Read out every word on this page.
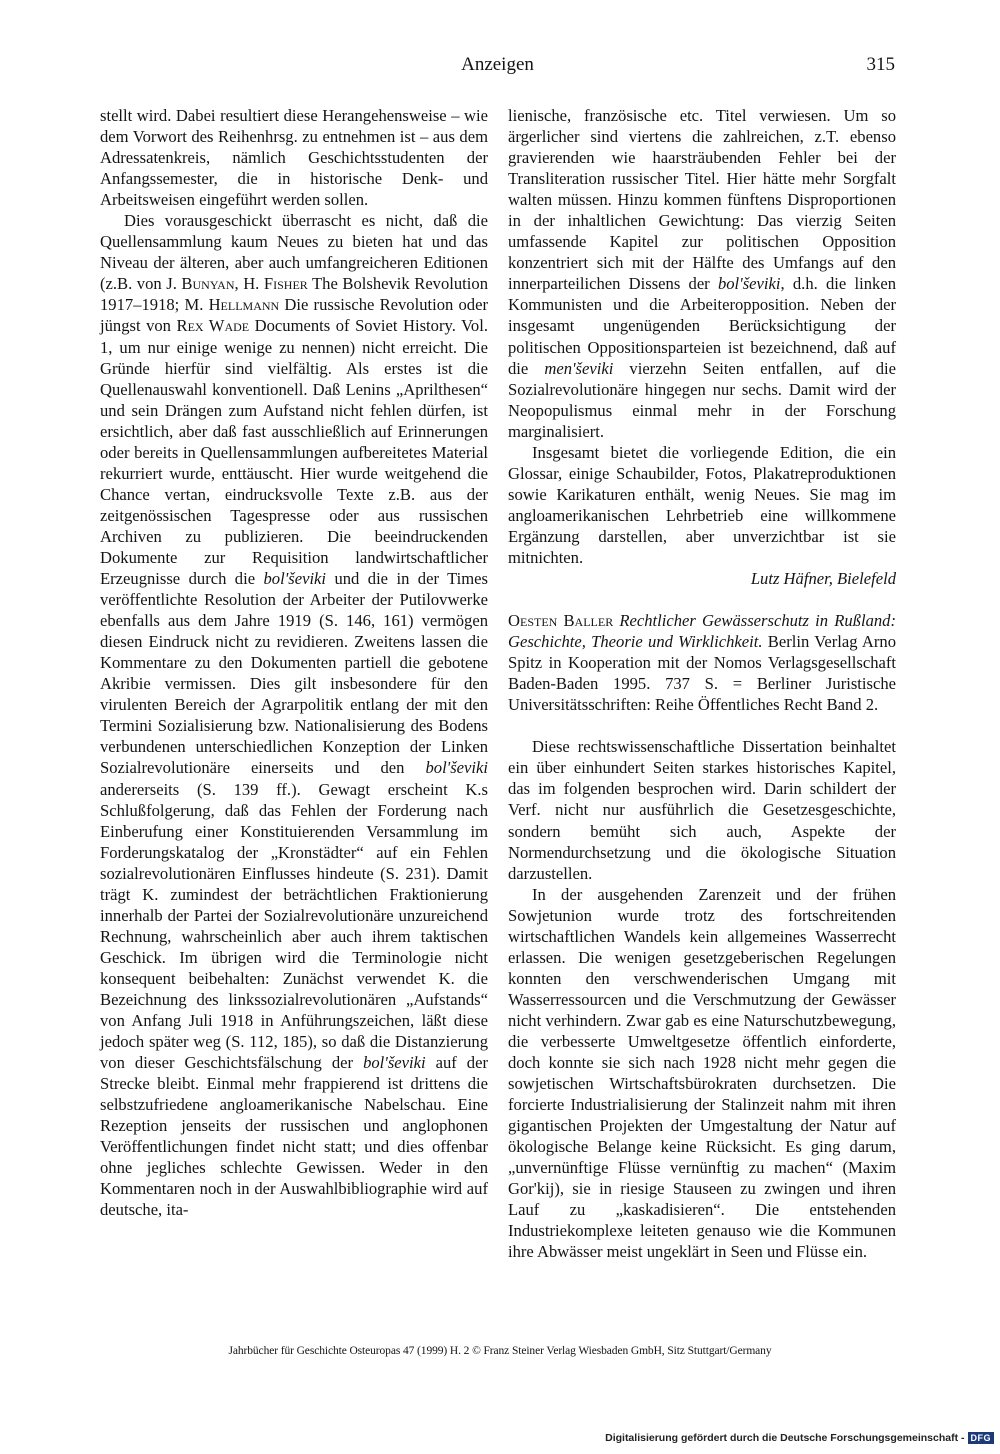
Anzeigen	315

stellt wird. Dabei resultiert diese Herangehensweise – wie dem Vorwort des Reihenhrsg. zu entnehmen ist – aus dem Adressatenkreis, nämlich Geschichtsstudenten der Anfangssemester, die in historische Denk- und Arbeitsweisen eingeführt werden sollen.

Dies vorausgeschickt überrascht es nicht, daß die Quellensammlung kaum Neues zu bieten hat und das Niveau der älteren, aber auch umfangreicheren Editionen (z.B. von J. Bunyan, H. Fisher The Bolshevik Revolution 1917–1918; M. Hellmann Die russische Revolution oder jüngst von Rex Wade Documents of Soviet History. Vol. 1, um nur einige wenige zu nennen) nicht erreicht. Die Gründe hierfür sind vielfältig. Als erstes ist die Quellenauswahl konventionell. Daß Lenins „Aprilthesen“ und sein Drängen zum Aufstand nicht fehlen dürfen, ist ersichtlich, aber daß fast ausschließlich auf Erinnerungen oder bereits in Quellensammlungen aufbereitetes Material rekurriert wurde, enttäuscht. Hier wurde weitgehend die Chance vertan, eindrucksvolle Texte z.B. aus der zeitgenössischen Tagespresse oder aus russischen Archiven zu publizieren. Die beeindruckenden Dokumente zur Requisition landwirtschaftlicher Erzeugnisse durch die bol'ševiki und die in der Times veröffentlichte Resolution der Arbeiter der Putilovwerke ebenfalls aus dem Jahre 1919 (S. 146, 161) vermögen diesen Eindruck nicht zu revidieren. Zweitens lassen die Kommentare zu den Dokumenten partiell die gebotene Akribie vermissen. Dies gilt insbesondere für den virulenten Bereich der Agrarpolitik entlang der mit den Termini Sozialisierung bzw. Nationalisierung des Bodens verbundenen unterschiedlichen Konzeption der Linken Sozialrevolutionäre einerseits und den bol'ševiki andererseits (S. 139 ff.). Gewagt erscheint K.s Schlußfolgerung, daß das Fehlen der Forderung nach Einberufung einer Konstituierenden Versammlung im Forderungskatalog der „Kronstädter“ auf ein Fehlen sozialrevolutionären Einflusses hindeute (S. 231). Damit trägt K. zumindest der beträchtlichen Fraktionierung innerhalb der Partei der Sozialrevolutionäre unzureichend Rechnung, wahrscheinlich aber auch ihrem taktischen Geschick. Im übrigen wird die Terminologie nicht konsequent beibehalten: Zunächst verwendet K. die Bezeichnung des linkssozialrevolutionären „Aufstands“ von Anfang Juli 1918 in Anführungszeichen, läßt diese jedoch später weg (S. 112, 185), so daß die Distanzierung von dieser Geschichtsfälschung der bol'ševiki auf der Strecke bleibt. Einmal mehr frappierend ist drittens die selbstzufriedene angloamerikanische Nabelschau. Eine Rezeption jenseits der russischen und anglophonen Veröffentlichungen findet nicht statt; und dies offenbar ohne jegliches schlechte Gewissen. Weder in den Kommentaren noch in der Auswahlbibliographie wird auf deutsche, ita-

lienische, französische etc. Titel verwiesen. Um so ärgerlicher sind viertens die zahlreichen, z.T. ebenso gravierenden wie haarsträubenden Fehler bei der Transliteration russischer Titel. Hier hätte mehr Sorgfalt walten müssen. Hinzu kommen fünftens Disproportionen in der inhaltlichen Gewichtung: Das vierzig Seiten umfassende Kapitel zur politischen Opposition konzentriert sich mit der Hälfte des Umfangs auf den innerparteilichen Dissens der bol'ševiki, d.h. die linken Kommunisten und die Arbeiteropposition. Neben der insgesamt ungenügenden Berücksichtigung der politischen Oppositionsparteien ist bezeichnend, daß auf die men'ševiki vierzehn Seiten entfallen, auf die Sozialrevolutionäre hingegen nur sechs. Damit wird der Neopopulismus einmal mehr in der Forschung marginalisiert.

Insgesamt bietet die vorliegende Edition, die ein Glossar, einige Schaubilder, Fotos, Plakatreproduktionen sowie Karikaturen enthält, wenig Neues. Sie mag im angloamerikanischen Lehrbetrieb eine willkommene Ergänzung darstellen, aber unverzichtbar ist sie mitnichten.

Lutz Häfner, Bielefeld

Oesten Baller Rechtlicher Gewässerschutz in Rußland: Geschichte, Theorie und Wirklichkeit. Berlin Verlag Arno Spitz in Kooperation mit der Nomos Verlagsgesellschaft Baden-Baden 1995. 737 S. = Berliner Juristische Universitätsschriften: Reihe Öffentliches Recht Band 2.

Diese rechtswissenschaftliche Dissertation beinhaltet ein über einhundert Seiten starkes historisches Kapitel, das im folgenden besprochen wird. Darin schildert der Verf. nicht nur ausführlich die Gesetzesgeschichte, sondern bemüht sich auch, Aspekte der Normendurchsetzung und die ökologische Situation darzustellen.

In der ausgehenden Zarenzeit und der frühen Sowjetunion wurde trotz des fortschreitenden wirtschaftlichen Wandels kein allgemeines Wasserrecht erlassen. Die wenigen gesetzgeberischen Regelungen konnten den verschwenderischen Umgang mit Wasserressourcen und die Verschmutzung der Gewässer nicht verhindern. Zwar gab es eine Naturschutzbewegung, die verbesserte Umweltgesetze öffentlich einforderte, doch konnte sie sich nach 1928 nicht mehr gegen die sowjetischen Wirtschaftsbürokraten durchsetzen. Die forcierte Industrialisierung der Stalinzeit nahm mit ihren gigantischen Projekten der Umgestaltung der Natur auf ökologische Belange keine Rücksicht. Es ging darum, „unvernünftige Flüsse vernünftig zu machen“ (Maxim Gor'kij), sie in riesige Stauseen zu zwingen und ihren Lauf zu „kaskadisieren“. Die entstehenden Industriekomplexe leiteten genauso wie die Kommunen ihre Abwässer meist ungeklärt in Seen und Flüsse ein.

Jahrbücher für Geschichte Osteuropas 47 (1999) H. 2 © Franz Steiner Verlag Wiesbaden GmbH, Sitz Stuttgart/Germany
Digitalisierung gefördert durch die Deutsche Forschungsgemeinschaft - DFG
